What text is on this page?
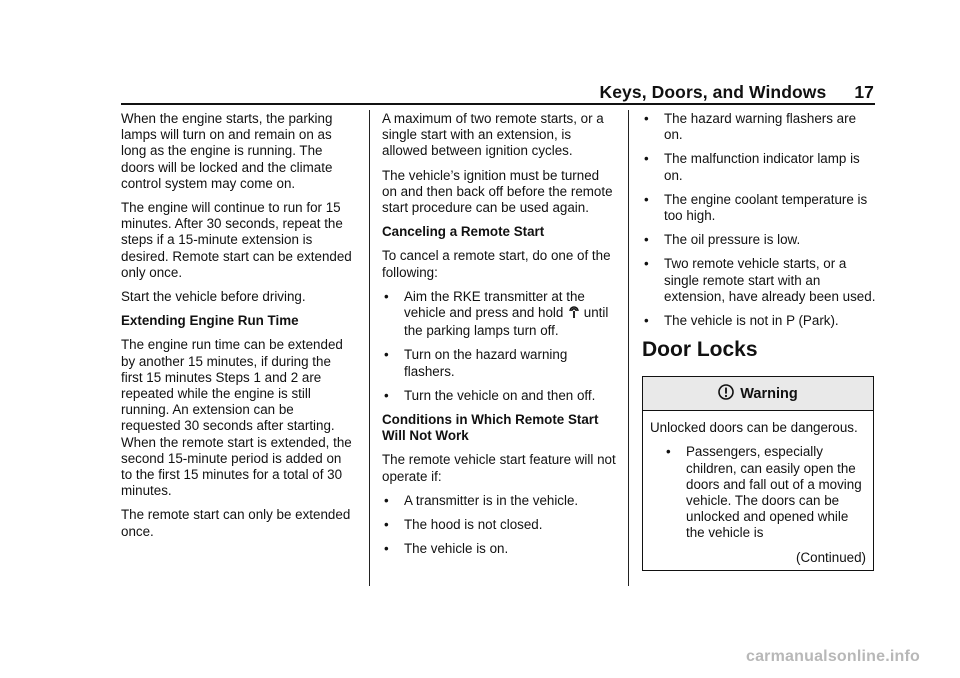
Keys, Doors, and Windows 17

When the engine starts, the parking lamps will turn on and remain on as long as the engine is running. The doors will be locked and the climate control system may come on.

The engine will continue to run for 15 minutes. After 30 seconds, repeat the steps if a 15-minute extension is desired. Remote start can be extended only once.

Start the vehicle before driving.

Extending Engine Run Time

The engine run time can be extended by another 15 minutes, if during the first 15 minutes Steps 1 and 2 are repeated while the engine is still running. An extension can be requested 30 seconds after starting. When the remote start is extended, the second 15-minute period is added on to the first 15 minutes for a total of 30 minutes.

The remote start can only be extended once.

A maximum of two remote starts, or a single start with an extension, is allowed between ignition cycles.

The vehicle’s ignition must be turned on and then back off before the remote start procedure can be used again.

Canceling a Remote Start

To cancel a remote start, do one of the following:

• Aim the RKE transmitter at the vehicle and press and hold until the parking lamps turn off.
• Turn on the hazard warning flashers.
• Turn the vehicle on and then off.
Conditions in Which Remote Start Will Not Work

The remote vehicle start feature will not operate if:

• A transmitter is in the vehicle.
• The hood is not closed.
• The vehicle is on.
• The hazard warning flashers are on.
• The malfunction indicator lamp is on.
• The engine coolant temperature is too high.
• The oil pressure is low.
• Two remote vehicle starts, or a single remote start with an extension, have already been used.
• The vehicle is not in P (Park).
Door Locks
Warning

Unlocked doors can be dangerous.

• Passengers, especially children, can easily open the doors and fall out of a moving vehicle. The doors can be unlocked and opened while the vehicle is

(Continued)

carmanualsonline.info
